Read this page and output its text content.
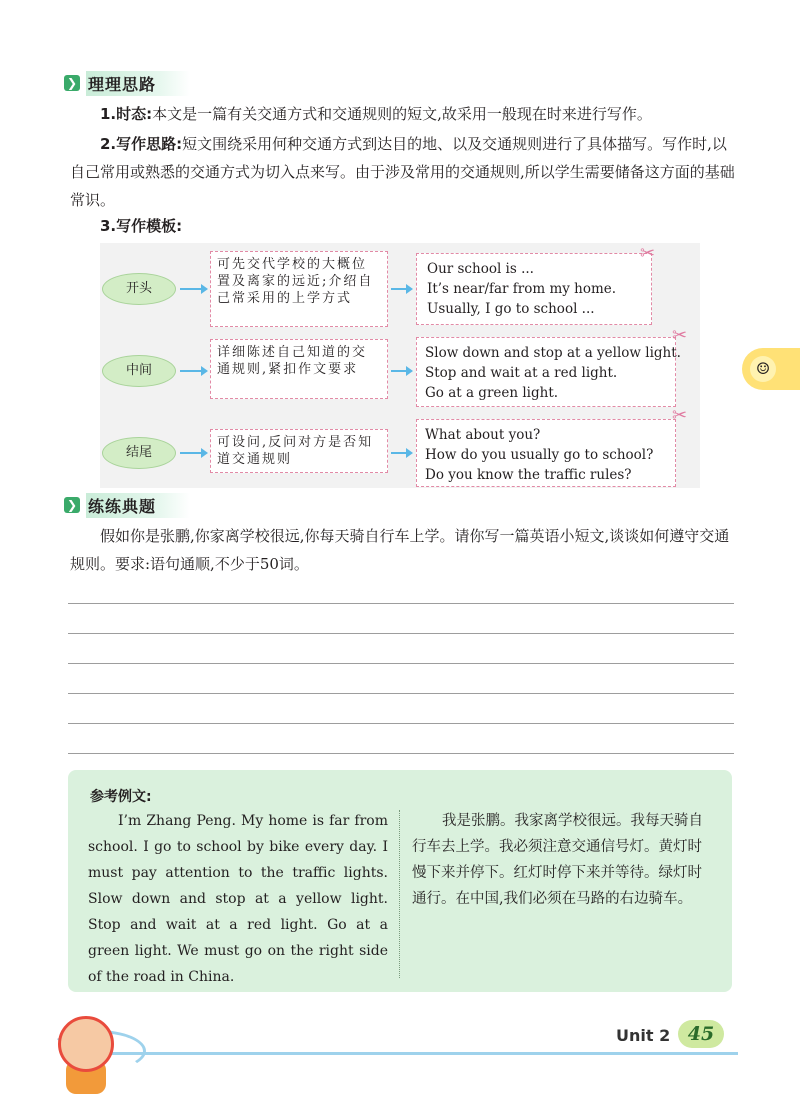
❯ 理理思路
1.时态:本文是一篇有关交通方式和交通规则的短文,故采用一般现在时来进行写作。
2.写作思路:短文围绕采用何种交通方式到达目的地、以及交通规则进行了具体描写。写作时,以自己常用或熟悉的交通方式为切入点来写。由于涉及常用的交通规则,所以学生需要储备这方面的基础常识。
3.写作模板:
开头
可先交代学校的大概位置及离家的远近;介绍自己常采用的上学方式
Our school is ...
It’s near/far from my home.
Usually, I go to school ...
✂
中间
详细陈述自己知道的交通规则,紧扣作文要求
Slow down and stop at a yellow light.
Stop and wait at a red light.
Go at a green light.
✂
结尾
可设问,反问对方是否知道交通规则
What about you?
How do you usually go to school?
Do you know the traffic rules?
✂
❯ 练练典题
假如你是张鹏,你家离学校很远,你每天骑自行车上学。请你写一篇英语小短文,谈谈如何遵守交通规则。要求:语句通顺,不少于50词。
参考例文:
I’m Zhang Peng. My home is far from school. I go to school by bike every day. I must pay attention to the traffic lights. Slow down and stop at a yellow light. Stop and wait at a red light. Go at a green light. We must go on the right side of the road in China.
我是张鹏。我家离学校很远。我每天骑自行车去上学。我必须注意交通信号灯。黄灯时慢下来并停下。红灯时停下来并等待。绿灯时通行。在中国,我们必须在马路的右边骑车。
☺
Unit 2 45
